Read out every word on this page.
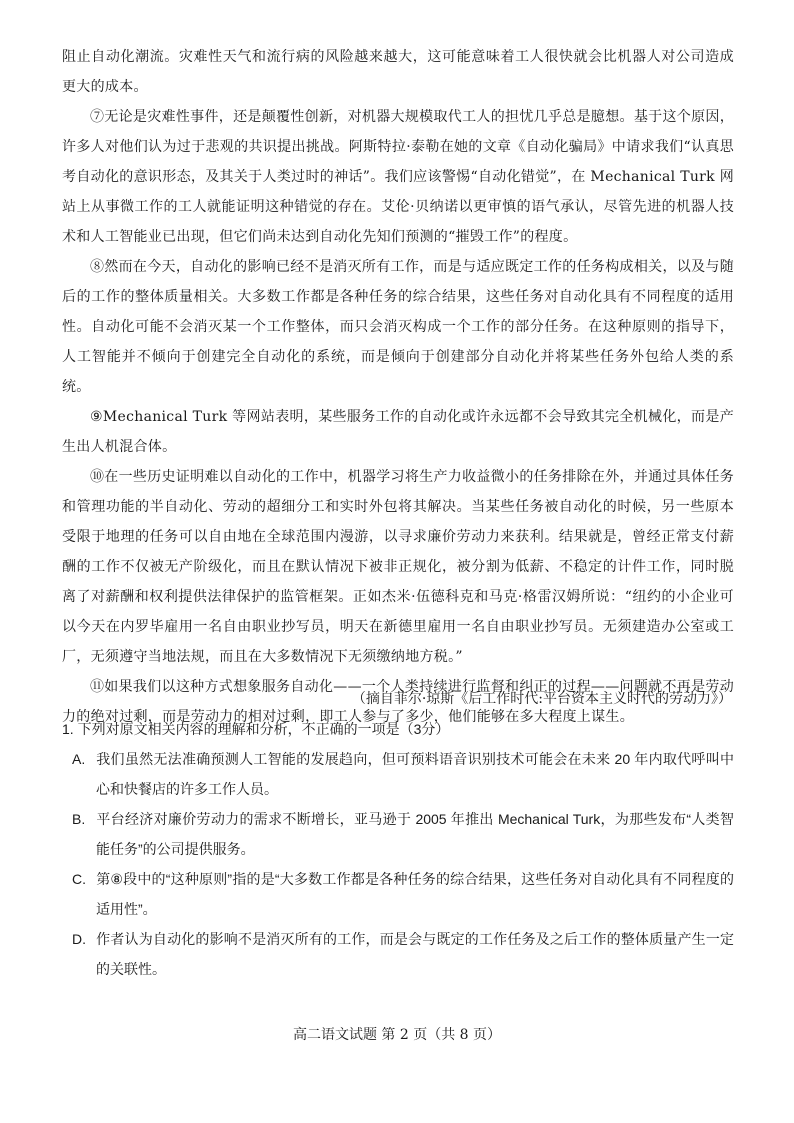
阻止自动化潮流。灾难性天气和流行病的风险越来越大，这可能意味着工人很快就会比机器人对公司造成更大的成本。

⑦无论是灾难性事件，还是颠覆性创新，对机器大规模取代工人的担忧几乎总是臆想。基于这个原因，许多人对他们认为过于悲观的共识提出挑战。阿斯特拉·泰勒在她的文章《自动化骗局》中请求我们“认真思考自动化的意识形态，及其关于人类过时的神话”。我们应该警惕“自动化错觉”，在 Mechanical Turk 网站上从事微工作的工人就能证明这种错觉的存在。艾伦·贝纳诺以更审慎的语气承认，尽管先进的机器人技术和人工智能业已出现，但它们尚未达到自动化先知们预测的“摧毁工作”的程度。

⑧然而在今天，自动化的影响已经不是消灭所有工作，而是与适应既定工作的任务构成相关，以及与随后的工作的整体质量相关。大多数工作都是各种任务的综合结果，这些任务对自动化具有不同程度的适用性。自动化可能不会消灭某一个工作整体，而只会消灭构成一个工作的部分任务。在这种原则的指导下，人工智能并不倾向于创建完全自动化的系统，而是倾向于创建部分自动化并将某些任务外包给人类的系统。

⑨Mechanical Turk 等网站表明，某些服务工作的自动化或许永远都不会导致其完全机械化，而是产生出人机混合体。

⑩在一些历史证明难以自动化的工作中，机器学习将生产力收益微小的任务排除在外，并通过具体任务和管理功能的半自动化、劳动的超细分工和实时外包将其解决。当某些任务被自动化的时候，另一些原本受限于地理的任务可以自由地在全球范围内漫游，以寻求廉价劳动力来获利。结果就是，曾经正常支付薪酬的工作不仅被无产阶级化，而且在默认情况下被非正规化，被分割为低薪、不稳定的计件工作，同时脱离了对薪酬和权利提供法律保护的监管框架。正如杰米·伍德科克和马克·格雷汉姆所说：“纽约的小企业可以今天在内罗毕雇用一名自由职业抄写员，明天在新德里雇用一名自由职业抄写员。无须建造办公室或工厂，无须遵守当地法规，而且在大多数情况下无须缴纳地方税。”

⑪如果我们以这种方式想象服务自动化——一个人类持续进行监督和纠正的过程——问题就不再是劳动力的绝对过剩，而是劳动力的相对过剩，即工人参与了多少，他们能够在多大程度上谋生。

（摘自菲尔·琼斯《后工作时代:平台资本主义时代的劳动力》）

1. 下列对原文相关内容的理解和分析，不正确的一项是（3分）

A. 我们虽然无法准确预测人工智能的发展趋向，但可预料语音识别技术可能会在未来 20 年内取代呼叫中心和快餐店的许多工作人员。

B. 平台经济对廉价劳动力的需求不断增长，亚马逊于 2005 年推出 Mechanical Turk，为那些发布“人类智能任务”的公司提供服务。

C. 第⑧段中的“这种原则”指的是“大多数工作都是各种任务的综合结果，这些任务对自动化具有不同程度的适用性”。

D. 作者认为自动化的影响不是消灭所有的工作，而是会与既定的工作任务及之后工作的整体质量产生一定的关联性。

高二语文试题 第 2 页（共 8 页）
